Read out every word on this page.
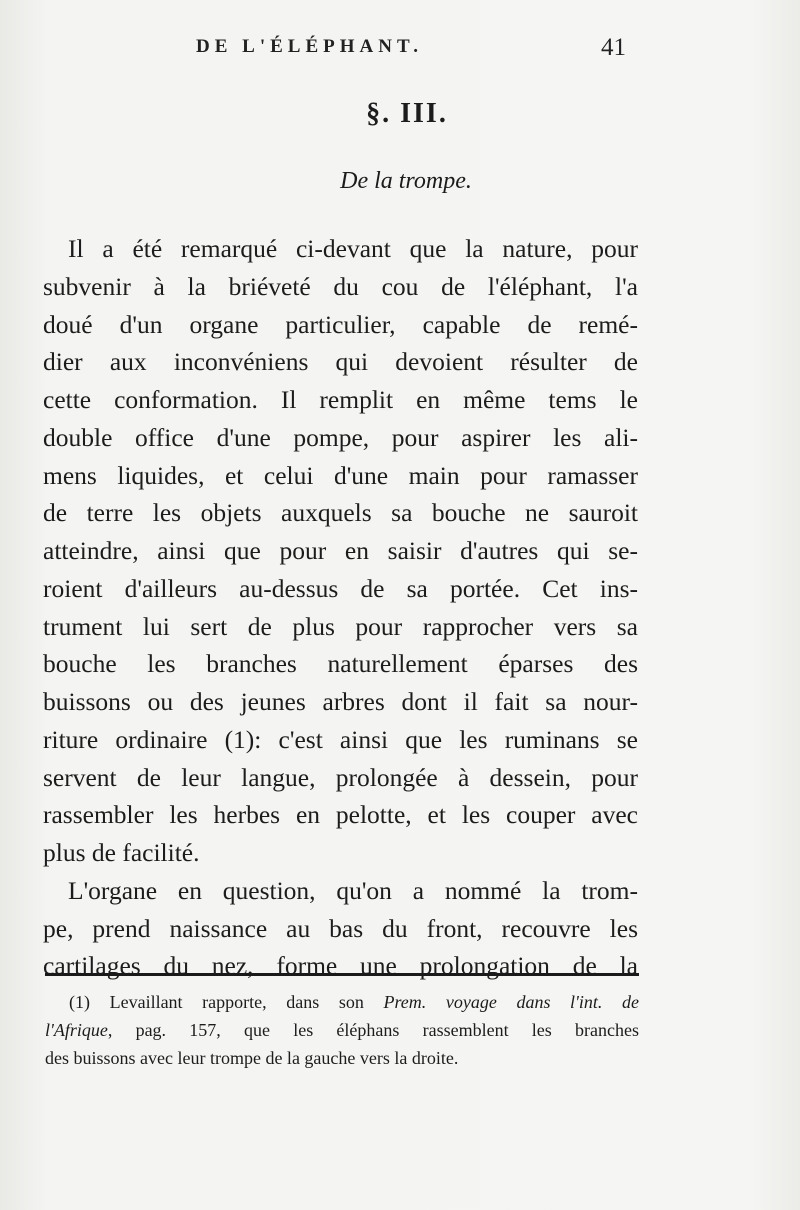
DE L'ÉLÉPHANT.	41
§. III.
De la trompe.
Il a été remarqué ci-devant que la nature, pour
subvenir à la briéveté du cou de l'éléphant, l'a
doué d'un organe particulier, capable de remé-
dier aux inconvéniens qui devoient résulter de
cette conformation. Il remplit en même tems le
double office d'une pompe, pour aspirer les ali-
mens liquides, et celui d'une main pour ramasser
de terre les objets auxquels sa bouche ne sauroit
atteindre, ainsi que pour en saisir d'autres qui se-
roient d'ailleurs au-dessus de sa portée. Cet ins-
trument lui sert de plus pour rapprocher vers sa
bouche les branches naturellement éparses des
buissons ou des jeunes arbres dont il fait sa nour-
riture ordinaire (1): c'est ainsi que les ruminans se
servent de leur langue, prolongée à dessein, pour
rassembler les herbes en pelotte, et les couper avec
plus de facilité.
L'organe en question, qu'on a nommé la trom-
pe, prend naissance au bas du front, recouvre les
cartilages du nez, forme une prolongation de la
(1) Levaillant rapporte, dans son Prem. voyage dans l'int. de
l'Afrique, pag. 157, que les éléphans rassemblent les branches
des buissons avec leur trompe de la gauche vers la droite.
